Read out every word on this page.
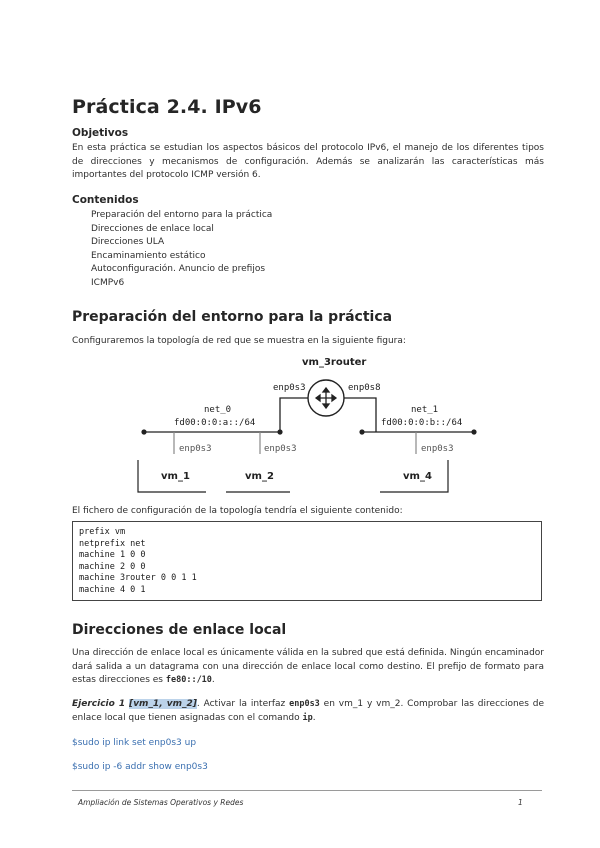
Práctica 2.4. IPv6
Objetivos

En esta práctica se estudian los aspectos básicos del protocolo IPv6, el manejo de los diferentes tipos de direcciones y mecanismos de configuración. Además se analizarán las características más importantes del protocolo ICMP versión 6.

Contenidos
Preparación del entorno para la práctica
Direcciones de enlace local
Direcciones ULA
Encaminamiento estático
Autoconfiguración. Anuncio de prefijos
ICMPv6
Preparación del entorno para la práctica

Configuraremos la topología de red que se muestra en la siguiente figura:

vm_3router
enp0s3	enp0s8
net_0
fd00:0:0:a::/64
net_1
fd00:0:0:b::/64
enp0s3
vm_1
enp0s3
vm_2
enp0s3
vm_4

El fichero de configuración de la topología tendría el siguiente contenido:

prefix vm
netprefix net
machine 1 0 0
machine 2 0 0
machine 3router 0 0 1 1
machine 4 0 1
Direcciones de enlace local

Una dirección de enlace local es únicamente válida en la subred que está definida. Ningún encaminador dará salida a un datagrama con una dirección de enlace local como destino. El prefijo de formato para estas direcciones es fe80::/10.

Ejercicio 1 [vm_1, vm_2]. Activar la interfaz enp0s3 en vm_1 y vm_2. Comprobar las direcciones de enlace local que tienen asignadas con el comando ip.

$sudo ip link set enp0s3 up

$sudo ip -6 addr show enp0s3

Ampliación de Sistemas Operativos y Redes	1
